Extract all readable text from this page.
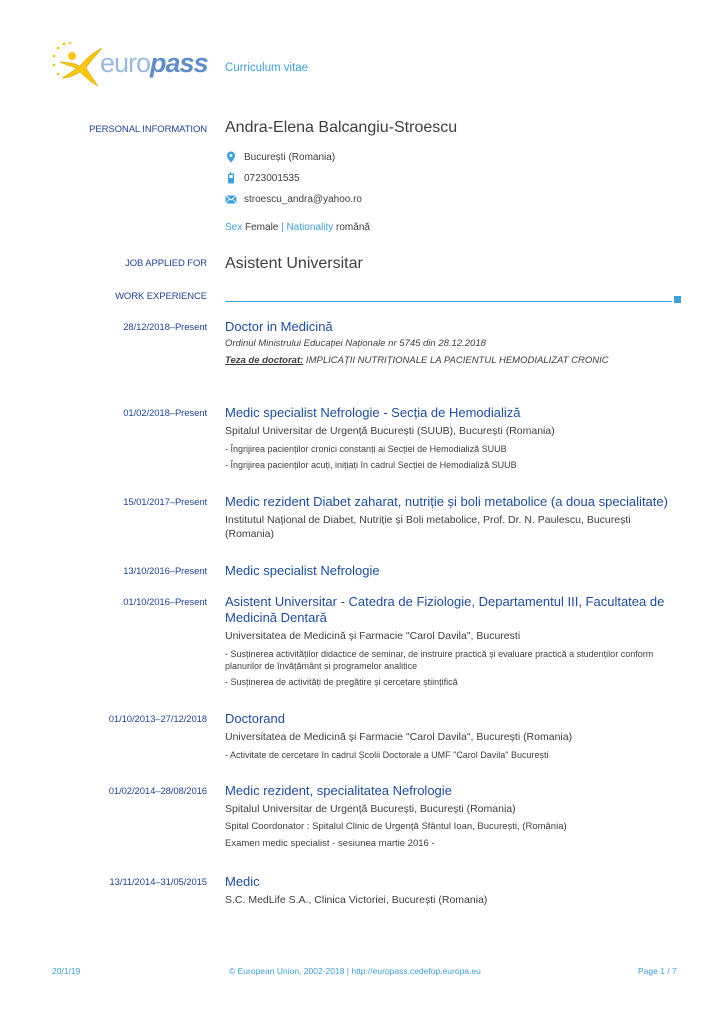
europass Curriculum vitae
PERSONAL INFORMATION Andra-Elena Balcangiu-Stroescu
București (Romania)
0723001535
stroescu_andra@yahoo.ro
Sex Female | Nationality română
JOB APPLIED FOR Asistent Universitar
WORK EXPERIENCE
28/12/2018–Present Doctor in Medicină
Ordinul Ministrului Educației Naționale nr 5745 din 28.12.2018
Teza de doctorat: IMPLICAȚII NUTRIȚIONALE LA PACIENTUL HEMODIALIZAT CRONIC
01/02/2018–Present Medic specialist Nefrologie - Secția de Hemodializă
Spitalul Universitar de Urgență București (SUUB), București (Romania)
- Îngrijirea pacienților cronici constanți ai Secției de Hemodializă SUUB
- Îngrijirea pacienților acuți, inițiați în cadrul Secției de Hemodializă SUUB
15/01/2017–Present Medic rezident Diabet zaharat, nutriție și boli metabolice (a doua specialitate)
Institutul Național de Diabet, Nutriție și Boli metabolice, Prof. Dr. N. Paulescu, București (Romania)
13/10/2016–Present Medic specialist Nefrologie
01/10/2016–Present Asistent Universitar - Catedra de Fiziologie, Departamentul III, Facultatea de Medicină Dentară
Universitatea de Medicină și Farmacie "Carol Davila", Bucuresti
- Susținerea activităților didactice de seminar, de instruire practică și evaluare practică a studenților conform planurilor de învățământ și programelor analitice
- Susținerea de activități de pregătire și cercetare științifică
01/10/2013–27/12/2018 Doctorand
Universitatea de Medicină și Farmacie "Carol Davila", București (Romania)
- Activitate de cercetare în cadrul Școlii Doctorale a UMF "Carol Davila" București
01/02/2014–28/08/2016 Medic rezident, specialitatea Nefrologie
Spitalul Universitar de Urgență București, București (Romania)
Spital Coordonator : Spitalul Clinic de Urgență Sfântul Ioan, București, (România)
Examen medic specialist - sesiunea martie 2016 -
13/11/2014–31/05/2015 Medic
S.C. MedLife S.A., Clinica Victoriei, București (Romania)
20/1/19	© European Union, 2002-2018 | http://europass.cedefop.europa.eu	Page 1 / 7
